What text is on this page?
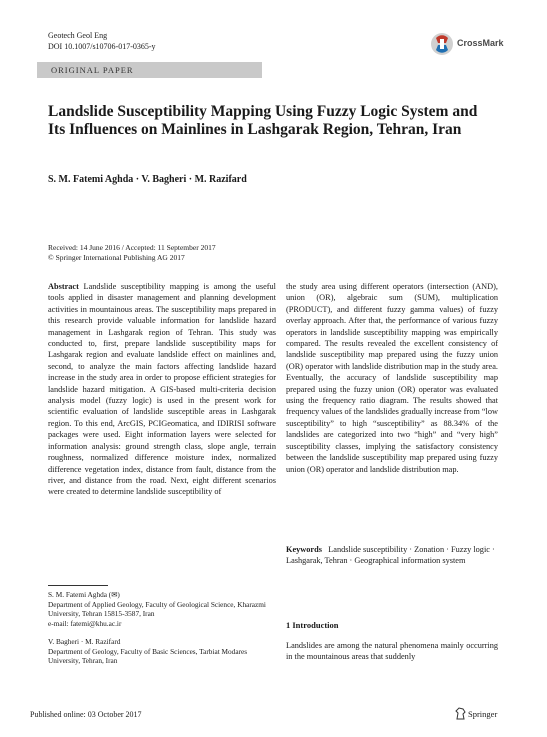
Geotech Geol Eng
DOI 10.1007/s10706-017-0365-y	CrossMark
ORIGINAL PAPER
Landslide Susceptibility Mapping Using Fuzzy Logic System and Its Influences on Mainlines in Lashgarak Region, Tehran, Iran
S. M. Fatemi Aghda · V. Bagheri · M. Razifard
Received: 14 June 2016 / Accepted: 11 September 2017
© Springer International Publishing AG 2017
Abstract Landslide susceptibility mapping is among the useful tools applied in disaster management and planning development activities in mountainous areas. The susceptibility maps prepared in this research provide valuable information for landslide hazard management in Lashgarak region of Tehran. This study was conducted to, first, prepare landslide susceptibility maps for Lashgarak region and evaluate landslide effect on mainlines and, second, to analyze the main factors affecting landslide hazard increase in the study area in order to propose efficient strategies for landslide hazard mitigation. A GIS-based multi-criteria decision analysis model (fuzzy logic) is used in the present work for scientific evaluation of landslide susceptible areas in Lashgarak region. To this end, ArcGIS, PCIGeomatica, and IDIRISI software packages were used. Eight information layers were selected for information analysis: ground strength class, slope angle, terrain roughness, normalized difference moisture index, normalized difference vegetation index, distance from fault, distance from the river, and distance from the road. Next, eight different scenarios were created to determine landslide susceptibility of
the study area using different operators (intersection (AND), union (OR), algebraic sum (SUM), multiplication (PRODUCT), and different fuzzy gamma values) of fuzzy overlay approach. After that, the performance of various fuzzy operators in landslide susceptibility mapping was empirically compared. The results revealed the excellent consistency of landslide susceptibility map prepared using the fuzzy union (OR) operator with landslide distribution map in the study area. Eventually, the accuracy of landslide susceptibility map prepared using the fuzzy union (OR) operator was evaluated using the frequency ratio diagram. The results showed that frequency values of the landslides gradually increase from “low susceptibility” to high “susceptibility” as 88.34% of the landslides are categorized into two “high” and “very high” susceptibility classes, implying the satisfactory consistency between the landslide susceptibility map prepared using fuzzy union (OR) operator and landslide distribution map.
Keywords Landslide susceptibility · Zonation · Fuzzy logic · Lashgarak, Tehran · Geographical information system
S. M. Fatemi Aghda (✉)
Department of Applied Geology, Faculty of Geological Science, Kharazmi University, Tehran 15815-3587, Iran
e-mail: fatemi@khu.ac.ir
V. Bagheri · M. Razifard
Department of Geology, Faculty of Basic Sciences, Tarbiat Modares University, Tehran, Iran
1 Introduction
Landslides are among the natural phenomena mainly occurring in the mountainous areas that suddenly
Published online: 03 October 2017	Springer
